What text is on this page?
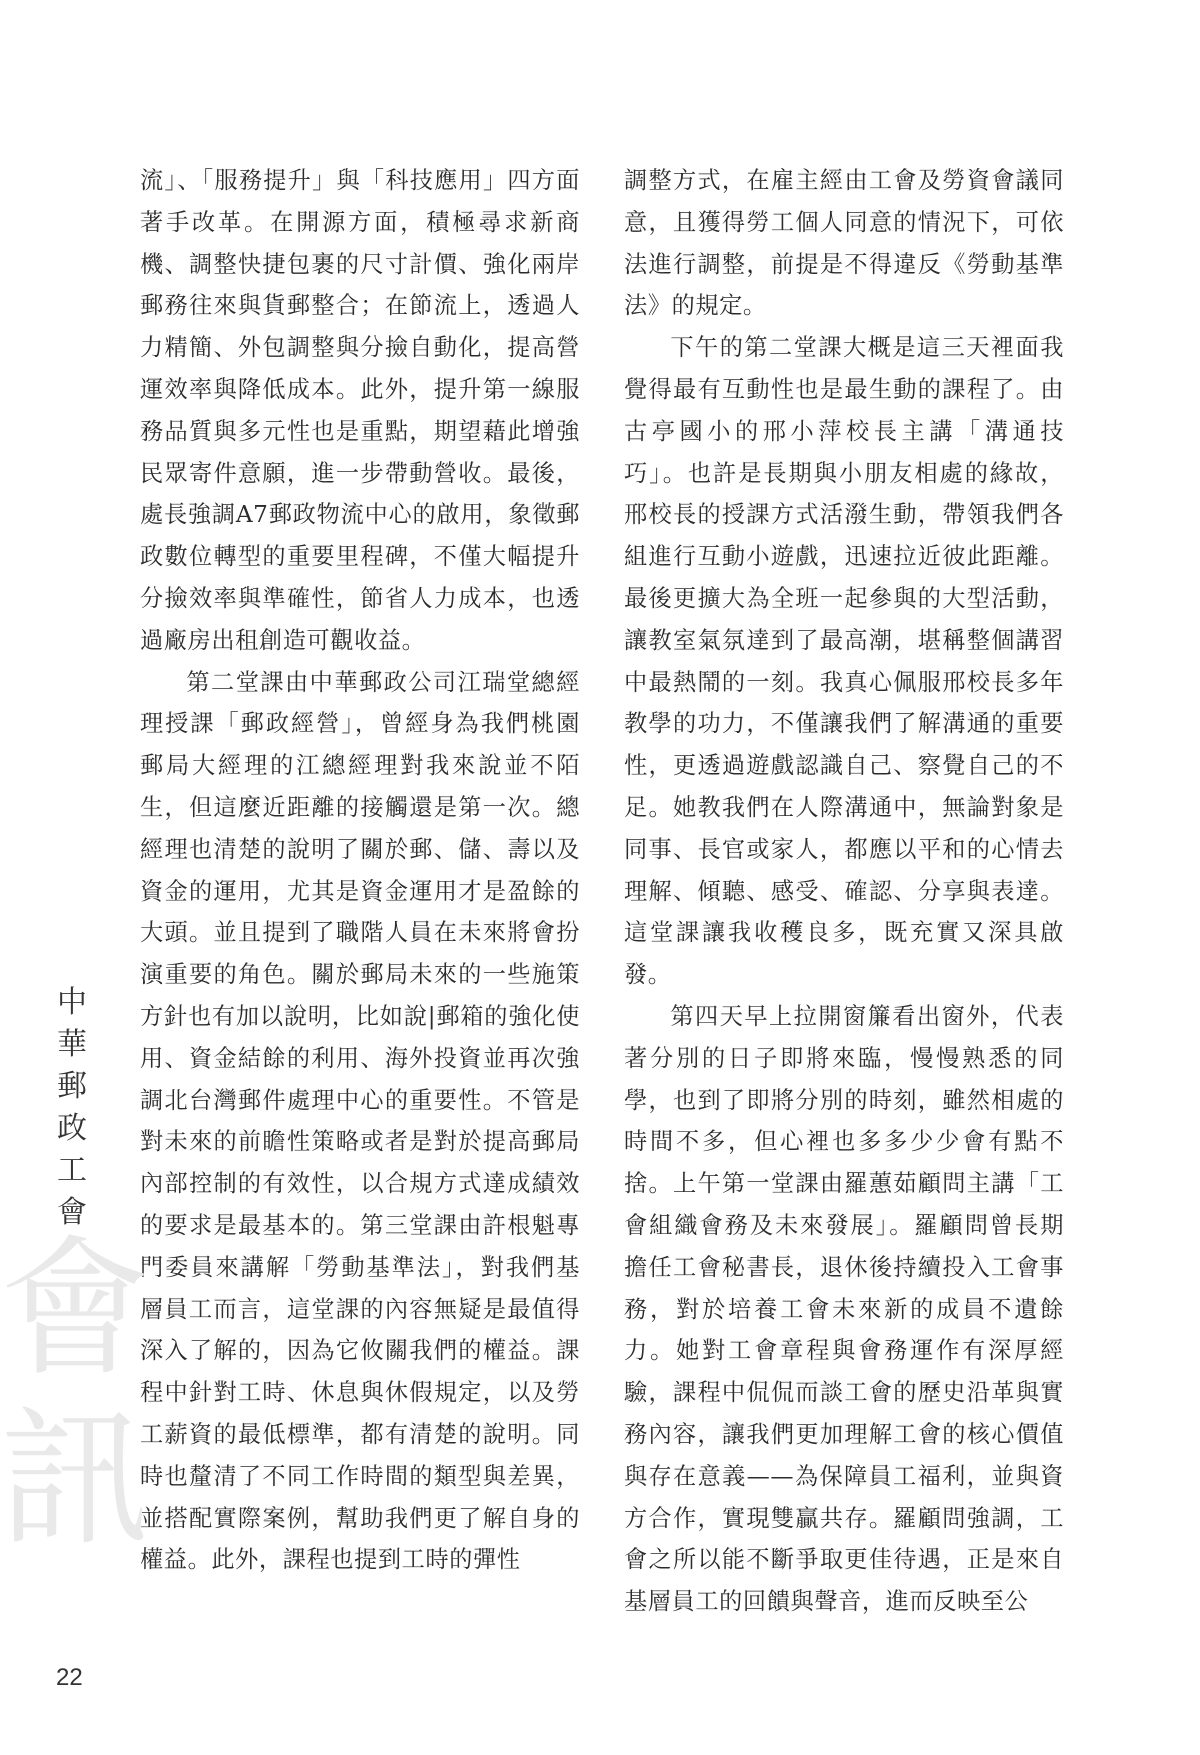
流」、「服務提升」與「科技應用」四方面著手改革。在開源方面，積極尋求新商機、調整快捷包裹的尺寸計價、強化兩岸郵務往來與貨郵整合；在節流上，透過人力精簡、外包調整與分撿自動化，提高營運效率與降低成本。此外，提升第一線服務品質與多元性也是重點，期望藉此增強民眾寄件意願，進一步帶動營收。最後，處長強調A7郵政物流中心的啟用，象徵郵政數位轉型的重要里程碑，不僅大幅提升分撿效率與準確性，節省人力成本，也透過廠房出租創造可觀收益。

第二堂課由中華郵政公司江瑞堂總經理授課「郵政經營」，曾經身為我們桃園郵局大經理的江總經理對我來說並不陌生，但這麼近距離的接觸還是第一次。總經理也清楚的說明了關於郵、儲、壽以及資金的運用，尤其是資金運用才是盈餘的大頭。並且提到了職階人員在未來將會扮演重要的角色。關於郵局未來的一些施策方針也有加以說明，比如說|郵箱的強化使用、資金結餘的利用、海外投資並再次強調北台灣郵件處理中心的重要性。不管是對未來的前瞻性策略或者是對於提高郵局內部控制的有效性，以合規方式達成績效的要求是最基本的。第三堂課由許根魁專門委員來講解「勞動基準法」，對我們基層員工而言，這堂課的內容無疑是最值得深入了解的，因為它攸關我們的權益。課程中針對工時、休息與休假規定，以及勞工薪資的最低標準，都有清楚的說明。同時也釐清了不同工作時間的類型與差異，並搭配實際案例，幫助我們更了解自身的權益。此外，課程也提到工時的彈性

調整方式，在雇主經由工會及勞資會議同意，且獲得勞工個人同意的情況下，可依法進行調整，前提是不得違反《勞動基準法》的規定。

下午的第二堂課大概是這三天裡面我覺得最有互動性也是最生動的課程了。由古亭國小的邢小萍校長主講「溝通技巧」。也許是長期與小朋友相處的緣故，邢校長的授課方式活潑生動，帶領我們各組進行互動小遊戲，迅速拉近彼此距離。最後更擴大為全班一起參與的大型活動，讓教室氣氛達到了最高潮，堪稱整個講習中最熱鬧的一刻。我真心佩服邢校長多年教學的功力，不僅讓我們了解溝通的重要性，更透過遊戲認識自己、察覺自己的不足。她教我們在人際溝通中，無論對象是同事、長官或家人，都應以平和的心情去理解、傾聽、感受、確認、分享與表達。這堂課讓我收穫良多，既充實又深具啟發。

第四天早上拉開窗簾看出窗外，代表著分別的日子即將來臨，慢慢熟悉的同學，也到了即將分別的時刻，雖然相處的時間不多，但心裡也多多少少會有點不捨。上午第一堂課由羅蕙茹顧問主講「工會組織會務及未來發展」。羅顧問曾長期擔任工會秘書長，退休後持續投入工會事務，對於培養工會未來新的成員不遺餘力。她對工會章程與會務運作有深厚經驗，課程中侃侃而談工會的歷史沿革與實務內容，讓我們更加理解工會的核心價值與存在意義——為保障員工福利，並與資方合作，實現雙贏共存。羅顧問強調，工會之所以能不斷爭取更佳待遇，正是來自基層員工的回饋與聲音，進而反映至公

中
華
郵
政
工
會
會
訊
22
